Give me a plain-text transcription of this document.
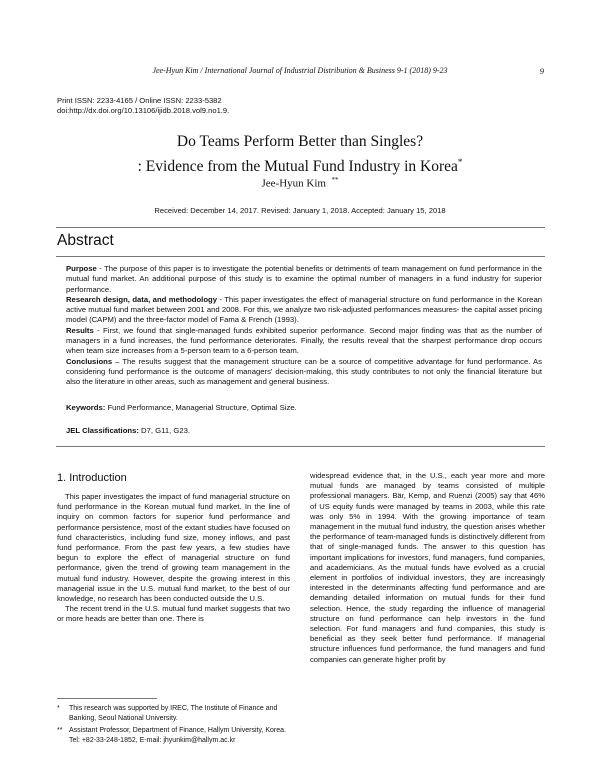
Jee-Hyun Kim / International Journal of Industrial Distribution & Business 9-1 (2018) 9-23	9
Print ISSN: 2233-4165 / Online ISSN: 2233-5382
doi:http://dx.doi.org/10.13106/ijidb.2018.vol9.no1.9.
Do Teams Perform Better than Singles?
: Evidence from the Mutual Fund Industry in Korea*
Jee-Hyun Kim **
Received: December 14, 2017. Revised: January 1, 2018. Accepted: January 15, 2018
Abstract

Purpose - The purpose of this paper is to investigate the potential benefits or detriments of team management on fund performance in the mutual fund market. An additional purpose of this study is to examine the optimal number of managers in a fund industry for superior performance.

Research design, data, and methodology - This paper investigates the effect of managerial structure on fund performance in the Korean active mutual fund market between 2001 and 2008. For this, we analyze two risk-adjusted performances measures- the capital asset pricing model (CAPM) and the three-factor model of Fama & French (1993).

Results - First, we found that single-managed funds exhibited superior performance. Second major finding was that as the number of managers in a fund increases, the fund performance deteriorates. Finally, the results reveal that the sharpest performance drop occurs when team size increases from a 5-person team to a 6-person team.

Conclusions – The results suggest that the management structure can be a source of competitive advantage for fund performance. As considering fund performance is the outcome of managers' decision-making, this study contributes to not only the financial literature but also the literature in other areas, such as management and general business.

Keywords: Fund Performance, Managerial Structure, Optimal Size.
JEL Classifications: D7, G11, G23.
1. Introduction

This paper investigates the impact of fund managerial structure on fund performance in the Korean mutual fund market. In the line of inquiry on common factors for superior fund performance and performance persistence, most of the extant studies have focused on fund characteristics, including fund size, money inflows, and past fund performance. From the past few years, a few studies have begun to explore the effect of managerial structure on fund performance, given the trend of growing team management in the mutual fund industry. However, despite the growing interest in this managerial issue in the U.S. mutual fund market, to the best of our knowledge, no research has been conducted outside the U.S.

The recent trend in the U.S. mutual fund market suggests that two or more heads are better than one. There is

widespread evidence that, in the U.S., each year more and more mutual funds are managed by teams consisted of multiple professional managers. Bär, Kemp, and Ruenzi (2005) say that 46% of US equity funds were managed by teams in 2003, while this rate was only 5% in 1994. With the growing importance of team management in the mutual fund industry, the question arises whether the performance of team-managed funds is distinctively different from that of single-managed funds. The answer to this question has important implications for investors, fund managers, fund companies, and academicians. As the mutual funds have evolved as a crucial element in portfolios of individual investors, they are increasingly interested in the determinants affecting fund performance and are demanding detailed information on mutual funds for their fund selection. Hence, the study regarding the influence of managerial structure on fund performance can help investors in the fund selection. For fund managers and fund companies, this study is beneficial as they seek better fund performance. If managerial structure influences fund performance, the fund managers and fund companies can generate higher profit by

*	This research was supported by IREC, The Institute of Finance and Banking, Seoul National University.
** Assistant Professor, Department of Finance, Hallym University, Korea. Tel: +82-33-248-1852, E-mail: jhyunkim@hallym.ac.kr
